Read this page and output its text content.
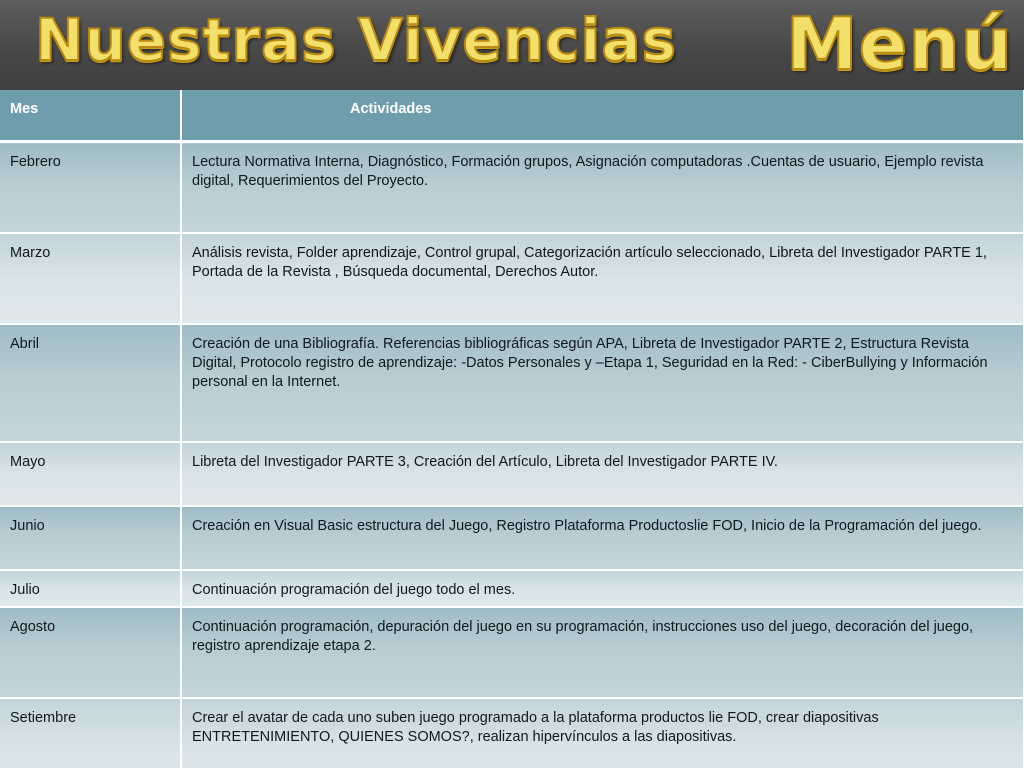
Nuestras Vivencias Menú
Mes	Actividades
Febrero	Lectura Normativa Interna, Diagnóstico, Formación grupos, Asignación computadoras .Cuentas de usuario, Ejemplo revista digital, Requerimientos del Proyecto.
Marzo	Análisis revista, Folder aprendizaje, Control grupal, Categorización artículo seleccionado, Libreta del Investigador PARTE 1, Portada de la Revista , Búsqueda documental, Derechos Autor.
Abril	Creación de una Bibliografía. Referencias bibliográficas según APA, Libreta de Investigador PARTE 2, Estructura Revista Digital, Protocolo registro de aprendizaje: -Datos Personales y –Etapa 1, Seguridad en la Red: - CiberBullying y Información personal en la Internet.
Mayo	Libreta del Investigador PARTE 3, Creación del Artículo, Libreta del Investigador PARTE IV.
Junio	Creación en Visual Basic estructura del Juego, Registro Plataforma Productoslie FOD, Inicio de la Programación del juego.
Julio	Continuación programación del juego todo el mes.
Agosto	Continuación programación, depuración del juego en su programación, instrucciones uso del juego, decoración del juego, registro aprendizaje etapa 2.
Setiembre	Crear el avatar de cada uno suben juego programado a la plataforma productos lie FOD, crear diapositivas ENTRETENIMIENTO, QUIENES SOMOS?, realizan hipervínculos a las diapositivas.
